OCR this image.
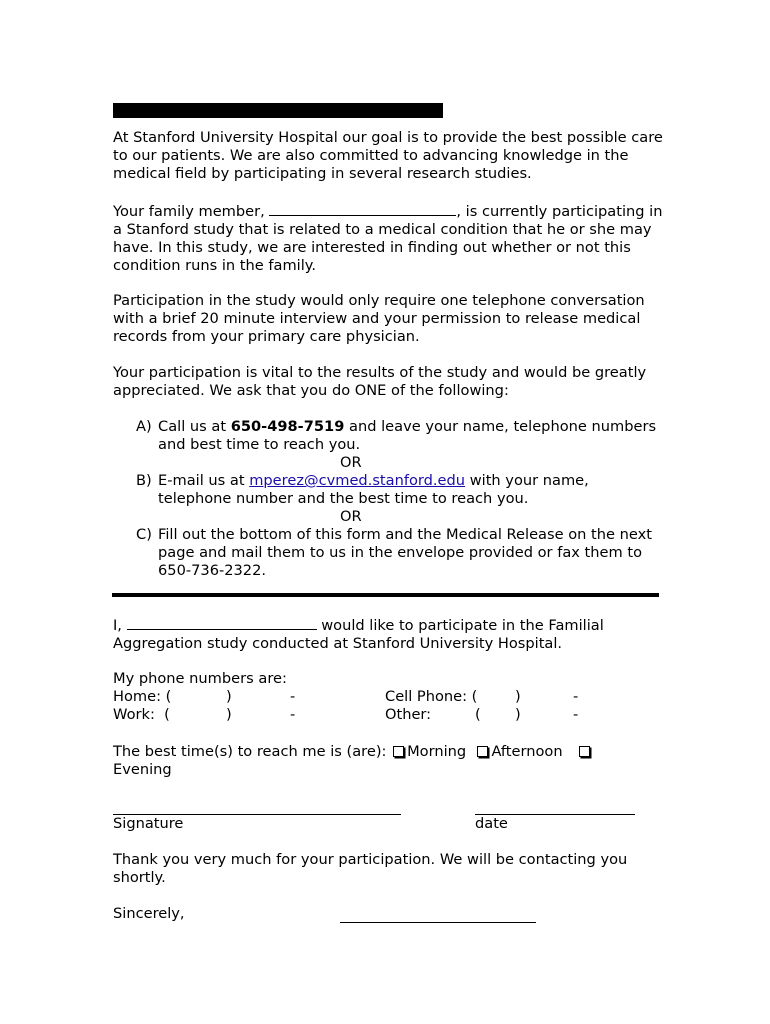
At Stanford University Hospital our goal is to provide the best possible care to our patients. We are also committed to advancing knowledge in the medical field by participating in several research studies.

Your family member,	, is currently participating in a Stanford study that is related to a medical condition that he or she may have. In this study, we are interested in finding out whether or not this condition runs in the family.

Participation in the study would only require one telephone conversation with a brief 20 minute interview and your permission to release medical records from your primary care physician.

Your participation is vital to the results of the study and would be greatly appreciated. We ask that you do ONE of the following:

A) Call us at 650-498-7519 and leave your name, telephone numbers and best time to reach you.

OR
B) E-mail us at mperez@cvmed.stanford.edu with your name, telephone number and the best time to reach you.

OR
C) Fill out the bottom of this form and the Medical Release on the next page and mail them to us in the envelope provided or fax them to 650-736-2322.

I,	would like to participate in the Familial Aggregation study conducted at Stanford University Hospital.

My phone numbers are:
Home: (	)	-	Cell Phone: (	)	-
Work:  (	)	-	Other:	( )	-
The best time(s) to reach me is (are): Morning Afternoon
Evening
Signature	date

Thank you very much for your participation. We will be contacting you shortly.

Sincerely,
